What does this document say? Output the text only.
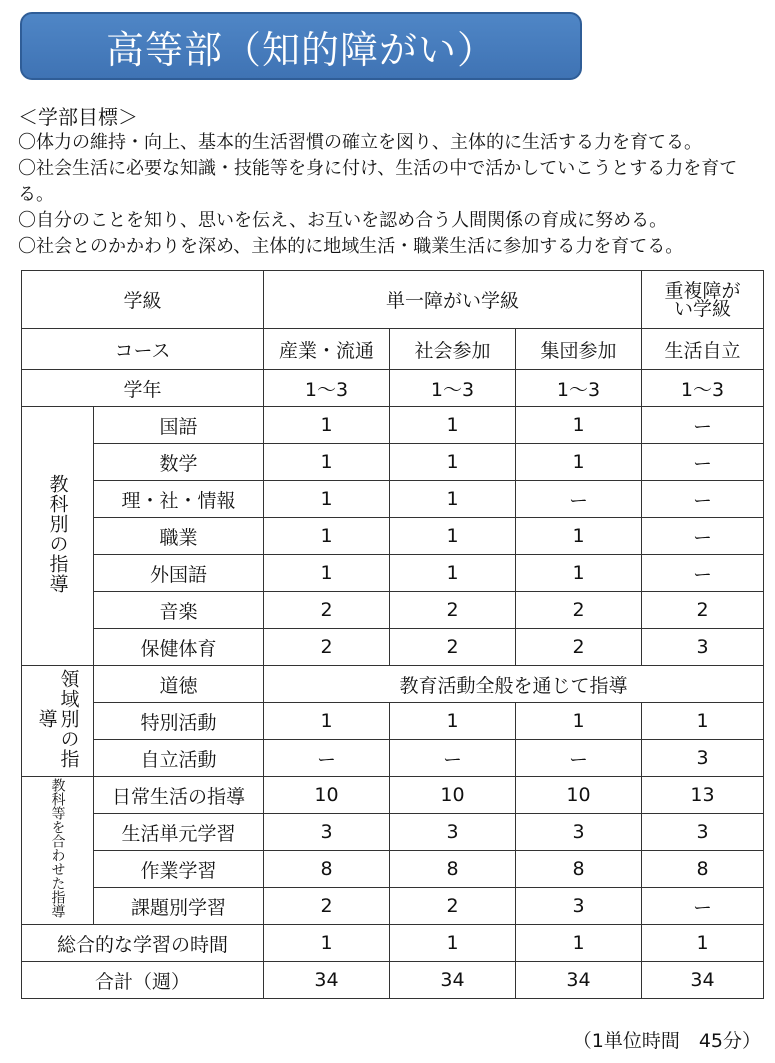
高等部（知的障がい）
＜学部目標＞
〇体力の維持・向上、基本的生活習慣の確立を図り、主体的に生活する力を育てる。
〇社会生活に必要な知識・技能等を身に付け、生活の中で活かしていこうとする力を育てる。
〇自分のことを知り、思いを伝え、お互いを認め合う人間関係の育成に努める。
〇社会とのかかわりを深め、主体的に地域生活・職業生活に参加する力を育てる。
学級		単一障がい学級			重複障がい学級

コース		産業・流通	社会参加	集団参加	生活自立
学年		1～3	1～3	1～3	1～3
教科別の指導	国語	1	1	1	ー
	数学	1	1	1	ー
	理・社・情報	1	1	ー	ー
	職業	1	1	1	ー
	外国語	1	1	1	ー
	音楽	2	2	2	2
	保健体育	2	2	2	3
領域別の指導	道徳	教育活動全般を通じて指導			
	特別活動	1	1	1	1
	自立活動	ー	ー	ー	3
教科等を合わせた指導	日常生活の指導	10	10	10	13
	生活単元学習	3	3	3	3
	作業学習	8	8	8	8
	課題別学習	2	2	3	ー
総合的な学習の時間		1	1	1	1
合計（週）		34	34	34	34
（1単位時間　45分）
